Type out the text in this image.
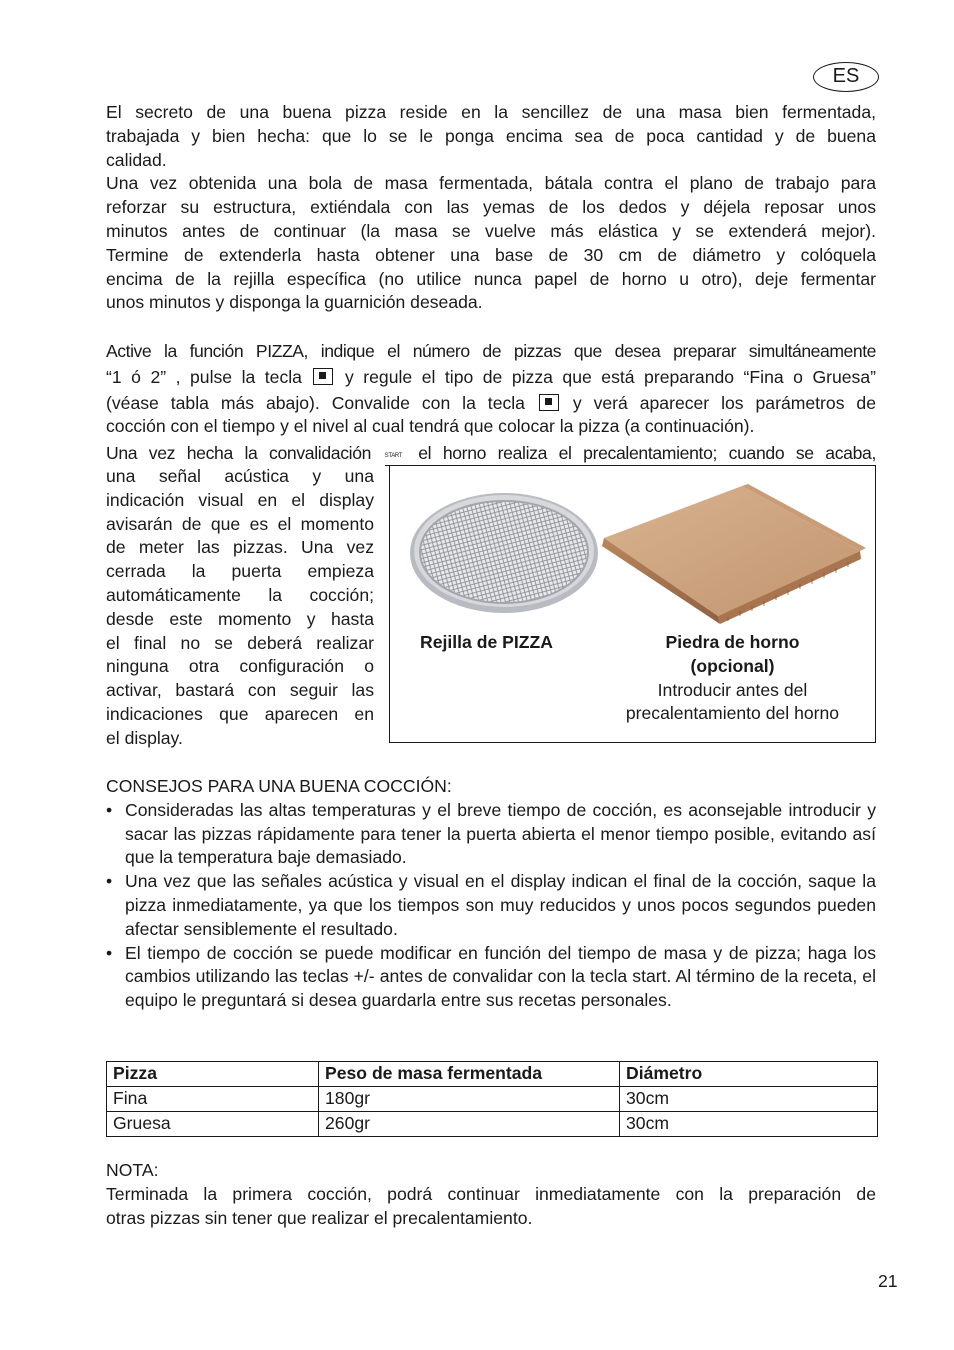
ES
El secreto de una buena pizza reside en la sencillez de una masa bien fermentada,
trabajada y bien hecha: que lo se le ponga encima sea de poca cantidad y de buena
calidad.
Una vez obtenida una bola de masa fermentada, bátala contra el plano de trabajo para
reforzar su estructura, extiéndala con las yemas de los dedos y déjela reposar unos
minutos antes de continuar (la masa se vuelve más elástica y se extenderá mejor).
Termine de extenderla hasta obtener una base de 30 cm de diámetro y colóquela
encima de la rejilla específica (no utilice nunca papel de horno u otro), deje fermentar
unos minutos y disponga la guarnición deseada.
Active la función PIZZA, indique el número de pizzas que desea preparar simultáneamente
“1 ó 2” , pulse la tecla y regule el tipo de pizza que está preparando “Fina o Gruesa”
(véase tabla más abajo). Convalide con la tecla	y verá aparecer los parámetros de
cocción con el tiempo y el nivel al cual tendrá que colocar la pizza (a continuación).
Una vez hecha la convalidación START el horno realiza el precalentamiento; cuando se acaba,
una señal acústica y una
indicación visual en el display
avisarán de que es el momento
de meter las pizzas. Una vez
cerrada la puerta empieza
automáticamente la cocción;
desde este momento y hasta
el final no se deberá realizar
ninguna otra configuración o
activar, bastará con seguir las
indicaciones que aparecen en
el display.
Rejilla de PIZZA	Piedra de horno
(opcional)
Introducir antes del
precalentamiento del horno
CONSEJOS PARA UNA BUENA COCCIÓN:
• Consideradas las altas temperaturas y el breve tiempo de cocción, es aconsejable introducir y sacar las pizzas rápidamente para tener la puerta abierta el menor tiempo posible, evitando así que la temperatura baje demasiado.
• Una vez que las señales acústica y visual en el display indican el final de la cocción, saque la pizza inmediatamente, ya que los tiempos son muy reducidos y unos pocos segundos pueden afectar sensiblemente el resultado.
• El tiempo de cocción se puede modificar en función del tiempo de masa y de pizza; haga los cambios utilizando las teclas +/- antes de convalidar con la tecla start. Al término de la receta, el equipo le preguntará si desea guardarla entre sus recetas personales.
Pizza	Peso de masa fermentada	Diámetro
Fina	180gr	30cm
Gruesa	260gr	30cm
NOTA:
Terminada la primera cocción, podrá continuar inmediatamente con la preparación de
otras pizzas sin tener que realizar el precalentamiento.
21
